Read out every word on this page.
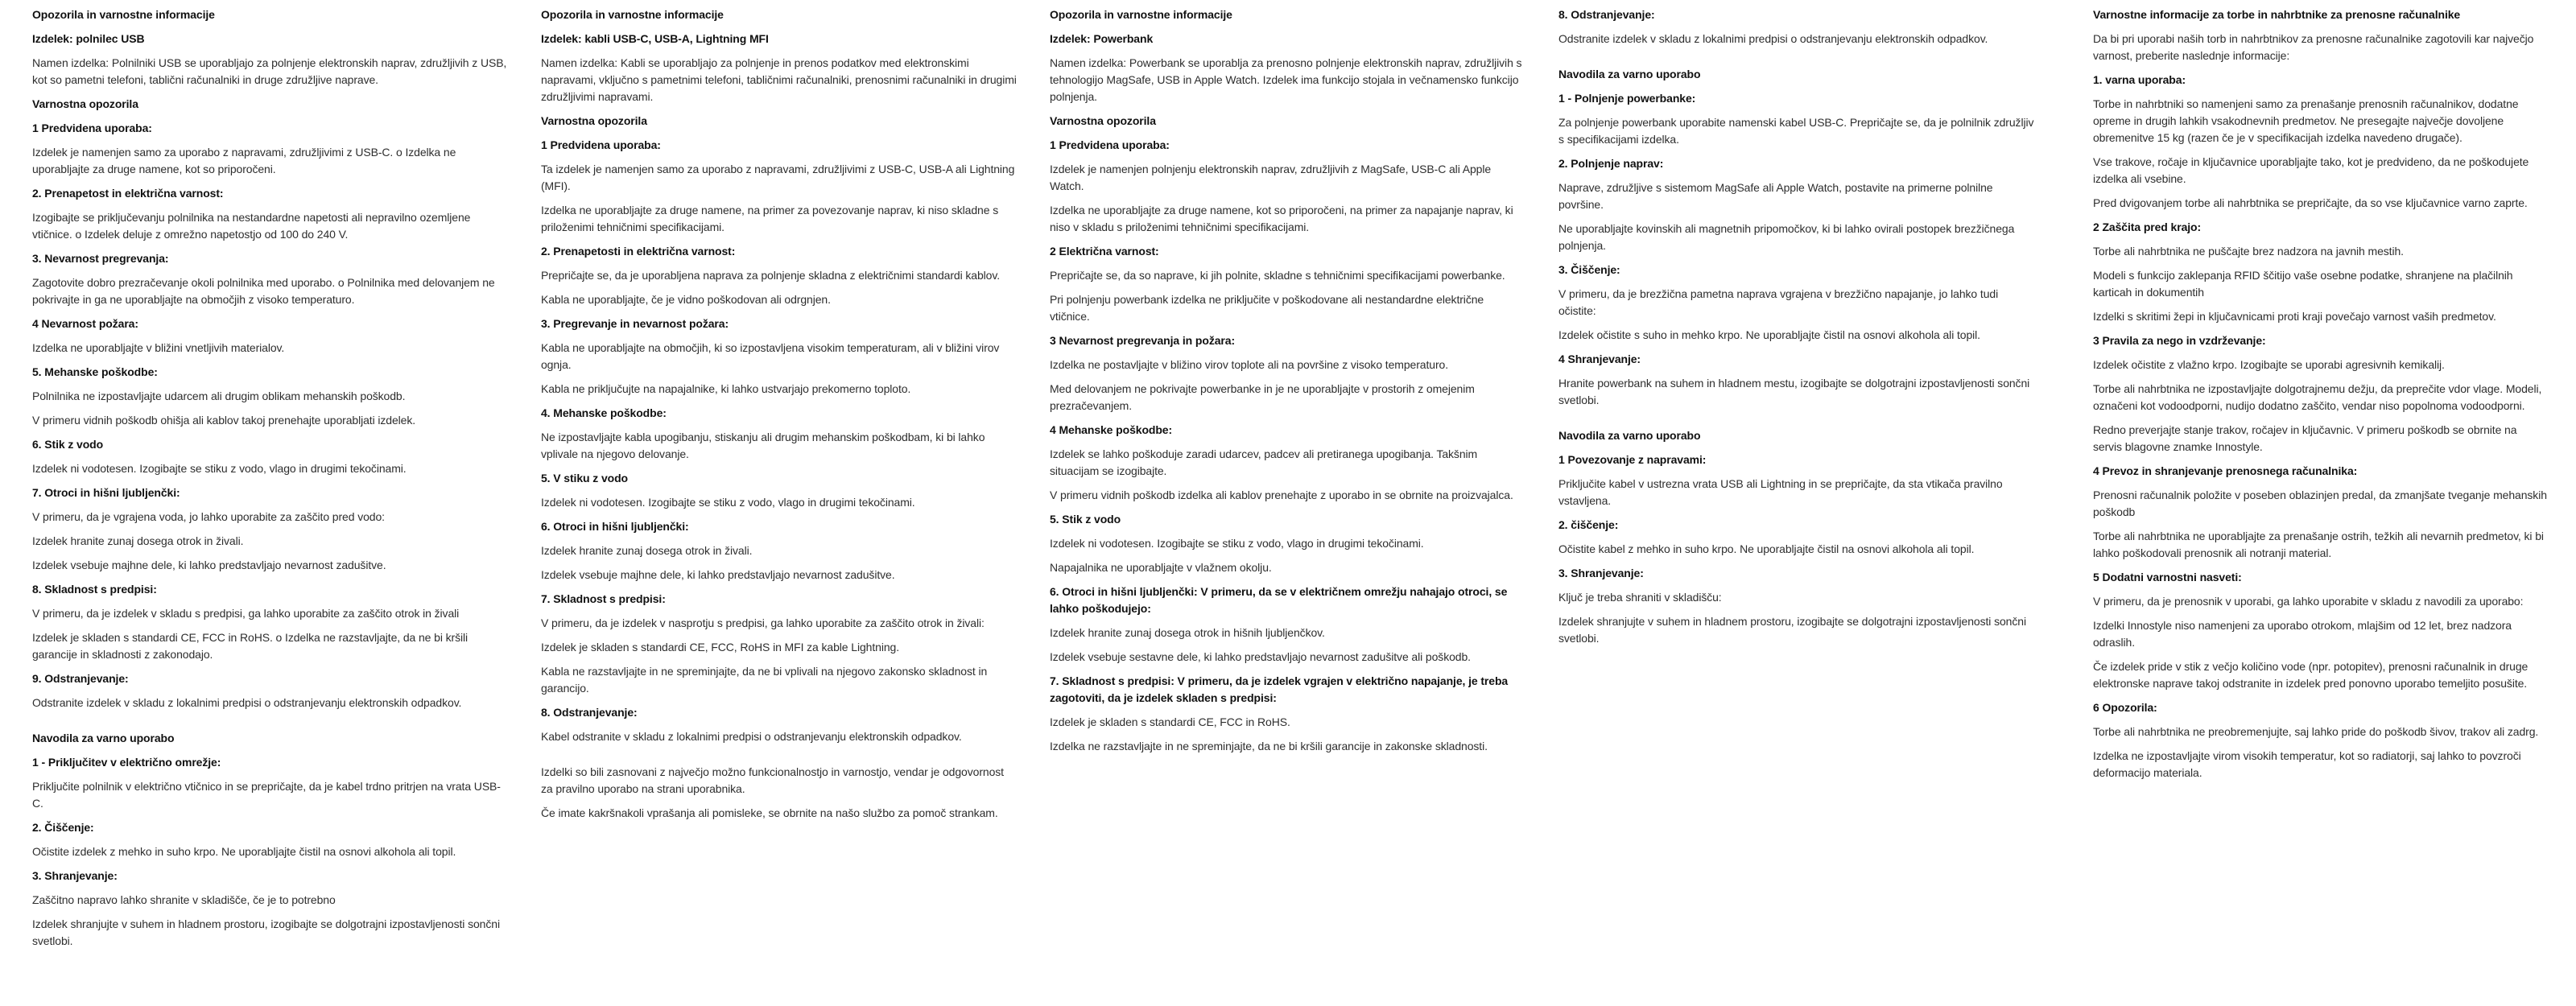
Opozorila in varnostne informacije
Izdelek: polnilec USB
Namen izdelka: Polnilniki USB se uporabljajo za polnjenje elektronskih naprav, združljivih z USB, kot so pametni telefoni, tablični računalniki in druge združljive naprave.
Varnostna opozorila
1 Predvidena uporaba:
Izdelek je namenjen samo za uporabo z napravami, združljivimi z USB-C. o Izdelka ne uporabljajte za druge namene, kot so priporočeni.
2. Prenapetost in električna varnost:
Izogibajte se priključevanju polnilnika na nestandardne napetosti ali nepravilno ozemljene vtičnice. o Izdelek deluje z omrežno napetostjo od 100 do 240 V.
3. Nevarnost pregrevanja:
Zagotovite dobro prezračevanje okoli polnilnika med uporabo. o Polnilnika med delovanjem ne pokrivajte in ga ne uporabljajte na območjih z visoko temperaturo.
4 Nevarnost požara:
Izdelka ne uporabljajte v bližini vnetljivih materialov.
5. Mehanske poškodbe:
Polnilnika ne izpostavljajte udarcem ali drugim oblikam mehanskih poškodb.
V primeru vidnih poškodb ohišja ali kablov takoj prenehajte uporabljati izdelek.
6. Stik z vodo
Izdelek ni vodotesen. Izogibajte se stiku z vodo, vlago in drugimi tekočinami.
7. Otroci in hišni ljubljenčki:
V primeru, da je vgrajena voda, jo lahko uporabite za zaščito pred vodo:
Izdelek hranite zunaj dosega otrok in živali.
Izdelek vsebuje majhne dele, ki lahko predstavljajo nevarnost zadušitve.
8. Skladnost s predpisi:
V primeru, da je izdelek v skladu s predpisi, ga lahko uporabite za zaščito otrok in živali
Izdelek je skladen s standardi CE, FCC in RoHS. o Izdelka ne razstavljajte, da ne bi kršili garancije in skladnosti z zakonodajo.
9. Odstranjevanje:
Odstranite izdelek v skladu z lokalnimi predpisi o odstranjevanju elektronskih odpadkov.
Navodila za varno uporabo
1 - Priključitev v električno omrežje:
Priključite polnilnik v električno vtičnico in se prepričajte, da je kabel trdno pritrjen na vrata USB-C.
2. Čiščenje:
Očistite izdelek z mehko in suho krpo. Ne uporabljajte čistil na osnovi alkohola ali topil.
3. Shranjevanje:
Zaščitno napravo lahko shranite v skladišče, če je to potrebno
Izdelek shranjujte v suhem in hladnem prostoru, izogibajte se dolgotrajni izpostavljenosti sončni svetlobi.
Opozorila in varnostne informacije
Izdelek: kabli USB-C, USB-A, Lightning MFI
Namen izdelka: Kabli se uporabljajo za polnjenje in prenos podatkov med elektronskimi napravami, vključno s pametnimi telefoni, tabličnimi računalniki, prenosnimi računalniki in drugimi združljivimi napravami.
Varnostna opozorila
1 Predvidena uporaba:
Ta izdelek je namenjen samo za uporabo z napravami, združljivimi z USB-C, USB-A ali Lightning (MFI).
Izdelka ne uporabljajte za druge namene, na primer za povezovanje naprav, ki niso skladne s priloženimi tehničnimi specifikacijami.
2. Prenapetosti in električna varnost:
Prepričajte se, da je uporabljena naprava za polnjenje skladna z električnimi standardi kablov.
Kabla ne uporabljajte, če je vidno poškodovan ali odrgnjen.
3. Pregrevanje in nevarnost požara:
Kabla ne uporabljajte na območjih, ki so izpostavljena visokim temperaturam, ali v bližini virov ognja.
Kabla ne priključujte na napajalnike, ki lahko ustvarjajo prekomerno toploto.
4. Mehanske poškodbe:
Ne izpostavljajte kabla upogibanju, stiskanju ali drugim mehanskim poškodbam, ki bi lahko vplivale na njegovo delovanje.
5. V stiku z vodo
Izdelek ni vodotesen. Izogibajte se stiku z vodo, vlago in drugimi tekočinami.
6. Otroci in hišni ljubljenčki:
Izdelek hranite zunaj dosega otrok in živali.
Izdelek vsebuje majhne dele, ki lahko predstavljajo nevarnost zadušitve.
7. Skladnost s predpisi:
V primeru, da je izdelek v nasprotju s predpisi, ga lahko uporabite za zaščito otrok in živali:
Izdelek je skladen s standardi CE, FCC, RoHS in MFI za kable Lightning.
Kabla ne razstavljajte in ne spreminjajte, da ne bi vplivali na njegovo zakonsko skladnost in garancijo.
8. Odstranjevanje:
Kabel odstranite v skladu z lokalnimi predpisi o odstranjevanju elektronskih odpadkov.
Izdelki so bili zasnovani z največjo možno funkcionalnostjo in varnostjo, vendar je odgovornost za pravilno uporabo na strani uporabnika.
Če imate kakršnakoli vprašanja ali pomisleke, se obrnite na našo službo za pomoč strankam.
Opozorila in varnostne informacije
Izdelek: Powerbank
Namen izdelka: Powerbank se uporablja za prenosno polnjenje elektronskih naprav, združljivih s tehnologijo MagSafe, USB in Apple Watch. Izdelek ima funkcijo stojala in večnamensko funkcijo polnjenja.
Varnostna opozorila
1 Predvidena uporaba:
Izdelek je namenjen polnjenju elektronskih naprav, združljivih z MagSafe, USB-C ali Apple Watch.
Izdelka ne uporabljajte za druge namene, kot so priporočeni, na primer za napajanje naprav, ki niso v skladu s priloženimi tehničnimi specifikacijami.
2 Električna varnost:
Prepričajte se, da so naprave, ki jih polnite, skladne s tehničnimi specifikacijami powerbanke.
Pri polnjenju powerbank izdelka ne priključite v poškodovane ali nestandardne električne vtičnice.
3 Nevarnost pregrevanja in požara:
Izdelka ne postavljajte v bližino virov toplote ali na površine z visoko temperaturo.
Med delovanjem ne pokrivajte powerbanke in je ne uporabljajte v prostorih z omejenim prezračevanjem.
4 Mehanske poškodbe:
Izdelek se lahko poškoduje zaradi udarcev, padcev ali pretiranega upogibanja. Takšnim situacijam se izogibajte.
V primeru vidnih poškodb izdelka ali kablov prenehajte z uporabo in se obrnite na proizvajalca.
5. Stik z vodo
Izdelek ni vodotesen. Izogibajte se stiku z vodo, vlago in drugimi tekočinami.
Napajalnika ne uporabljajte v vlažnem okolju.
6. Otroci in hišni ljubljenčki: V primeru, da se v električnem omrežju nahajajo otroci, se lahko poškodujejo:
Izdelek hranite zunaj dosega otrok in hišnih ljubljenčkov.
Izdelek vsebuje sestavne dele, ki lahko predstavljajo nevarnost zadušitve ali poškodb.
7. Skladnost s predpisi: V primeru, da je izdelek vgrajen v električno napajanje, je treba zagotoviti, da je izdelek skladen s predpisi:
Izdelek je skladen s standardi CE, FCC in RoHS.
Izdelka ne razstavljajte in ne spreminjajte, da ne bi kršili garancije in zakonske skladnosti.
8. Odstranjevanje:
Odstranite izdelek v skladu z lokalnimi predpisi o odstranjevanju elektronskih odpadkov.
Navodila za varno uporabo
1 - Polnjenje powerbanke:
Za polnjenje powerbank uporabite namenski kabel USB-C. Prepričajte se, da je polnilnik združljiv s specifikacijami izdelka.
2. Polnjenje naprav:
Naprave, združljive s sistemom MagSafe ali Apple Watch, postavite na primerne polnilne površine.
Ne uporabljajte kovinskih ali magnetnih pripomočkov, ki bi lahko ovirali postopek brezžičnega polnjenja.
3. Čiščenje:
V primeru, da je brezžična pametna naprava vgrajena v brezžično napajanje, jo lahko tudi očistite:
Izdelek očistite s suho in mehko krpo. Ne uporabljajte čistil na osnovi alkohola ali topil.
4 Shranjevanje:
Hranite powerbank na suhem in hladnem mestu, izogibajte se dolgotrajni izpostavljenosti sončni svetlobi.
Navodila za varno uporabo
1 Povezovanje z napravami:
Priključite kabel v ustrezna vrata USB ali Lightning in se prepričajte, da sta vtikača pravilno vstavljena.
2. čiščenje:
Očistite kabel z mehko in suho krpo. Ne uporabljajte čistil na osnovi alkohola ali topil.
3. Shranjevanje:
Ključ je treba shraniti v skladišču:
Izdelek shranjujte v suhem in hladnem prostoru, izogibajte se dolgotrajni izpostavljenosti sončni svetlobi.
Varnostne informacije za torbe in nahrbtnike za prenosne računalnike
Da bi pri uporabi naših torb in nahrbtnikov za prenosne računalnike zagotovili kar največjo varnost, preberite naslednje informacije:
1. varna uporaba:
Torbe in nahrbtniki so namenjeni samo za prenašanje prenosnih računalnikov, dodatne opreme in drugih lahkih vsakodnevnih predmetov. Ne presegajte največje dovoljene obremenitve 15 kg (razen če je v specifikacijah izdelka navedeno drugače).
Vse trakove, ročaje in ključavnice uporabljajte tako, kot je predvideno, da ne poškodujete izdelka ali vsebine.
Pred dvigovanjem torbe ali nahrbtnika se prepričajte, da so vse ključavnice varno zaprte.
2 Zaščita pred krajo:
Torbe ali nahrbtnika ne puščajte brez nadzora na javnih mestih.
Modeli s funkcijo zaklepanja RFID ščitijo vaše osebne podatke, shranjene na plačilnih karticah in dokumentih
Izdelki s skritimi žepi in ključavnicami proti kraji povečajo varnost vaših predmetov.
3 Pravila za nego in vzdrževanje:
Izdelek očistite z vlažno krpo. Izogibajte se uporabi agresivnih kemikalij.
Torbe ali nahrbtnika ne izpostavljajte dolgotrajnemu dežju, da preprečite vdor vlage. Modeli, označeni kot vodoodporni, nudijo dodatno zaščito, vendar niso popolnoma vodoodporni.
Redno preverjajte stanje trakov, ročajev in ključavnic. V primeru poškodb se obrnite na servis blagovne znamke Innostyle.
4 Prevoz in shranjevanje prenosnega računalnika:
Prenosni računalnik položite v poseben oblazinjen predal, da zmanjšate tveganje mehanskih poškodb
Torbe ali nahrbtnika ne uporabljajte za prenašanje ostrih, težkih ali nevarnih predmetov, ki bi lahko poškodovali prenosnik ali notranji material.
5 Dodatni varnostni nasveti:
V primeru, da je prenosnik v uporabi, ga lahko uporabite v skladu z navodili za uporabo:
Izdelki Innostyle niso namenjeni za uporabo otrokom, mlajšim od 12 let, brez nadzora odraslih.
Če izdelek pride v stik z večjo količino vode (npr. potopitev), prenosni računalnik in druge elektronske naprave takoj odstranite in izdelek pred ponovno uporabo temeljito posušite.
6 Opozorila:
Torbe ali nahrbtnika ne preobremenjujte, saj lahko pride do poškodb šivov, trakov ali zadrg.
Izdelka ne izpostavljajte virom visokih temperatur, kot so radiatorji, saj lahko to povzroči deformacijo materiala.
